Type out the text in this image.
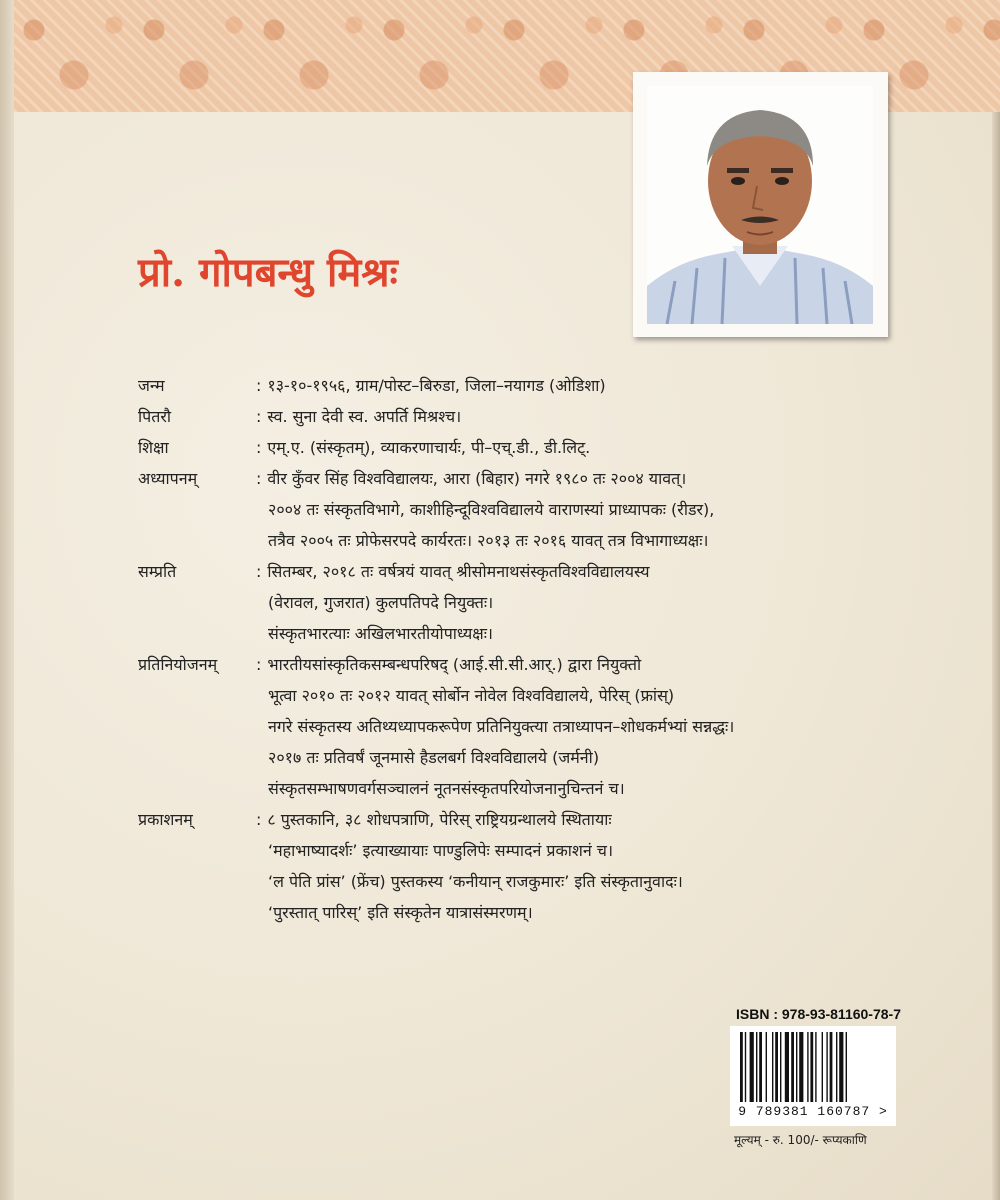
प्रो. गोपबन्धु मिश्रः
जन्म	: १३-१०-१९५६, ग्राम/पोस्ट–बिरुडा, जिला–नयागड (ओडिशा)
पितरौ	: स्व. सुना देवी स्व. अपर्ति मिश्रश्च।
शिक्षा	: एम्.ए. (संस्कृतम्), व्याकरणाचार्यः, पी–एच्.डी., डी.लिट्.
अध्यापनम्	: वीर कुँवर सिंह विश्वविद्यालयः, आरा (बिहार) नगरे १९८० तः २००४ यावत्।
२००४ तः संस्कृतविभागे, काशीहिन्दूविश्वविद्यालये वाराणस्यां प्राध्यापकः (रीडर),
तत्रैव २००५ तः प्रोफेसरपदे कार्यरतः। २०१३ तः २०१६ यावत् तत्र विभागाध्यक्षः।
सम्प्रति	: सितम्बर, २०१८ तः वर्षत्रयं यावत् श्रीसोमनाथसंस्कृतविश्वविद्यालयस्य
(वेरावल, गुजरात) कुलपतिपदे नियुक्तः।
संस्कृतभारत्याः अखिलभारतीयोपाध्यक्षः।
प्रतिनियोजनम्	: भारतीयसांस्कृतिकसम्बन्धपरिषद् (आई.सी.सी.आर्.) द्वारा नियुक्तो
भूत्वा २०१० तः २०१२ यावत् सोर्बोन नोवेल विश्वविद्यालये, पेरिस् (फ्रांस्)
नगरे संस्कृतस्य अतिथ्यध्यापकरूपेण प्रतिनियुक्त्या तत्राध्यापन–शोधकर्मभ्यां सन्नद्धः।
२०१७ तः प्रतिवर्षं जूनमासे हैडलबर्ग विश्वविद्यालये (जर्मनी)
संस्कृतसम्भाषणवर्गसञ्चालनं नूतनसंस्कृतपरियोजनानुचिन्तनं च।
प्रकाशनम्	: ८ पुस्तकानि, ३८ शोधपत्राणि, पेरिस् राष्ट्रियग्रन्थालये स्थितायाः
‘महाभाष्यादर्शः’ इत्याख्यायाः पाण्डुलिपेः सम्पादनं प्रकाशनं च।
‘ल पेति प्रांस’ (फ्रेंच) पुस्तकस्य ‘कनीयान् राजकुमारः’ इति संस्कृतानुवादः।
‘पुरस्तात् पारिस्’ इति संस्कृतेन यात्रासंस्मरणम्।
ISBN : 978-93-81160-78-7
9 789381 160787 >
मूल्यम् - रु. 100/- रूप्यकाणि
